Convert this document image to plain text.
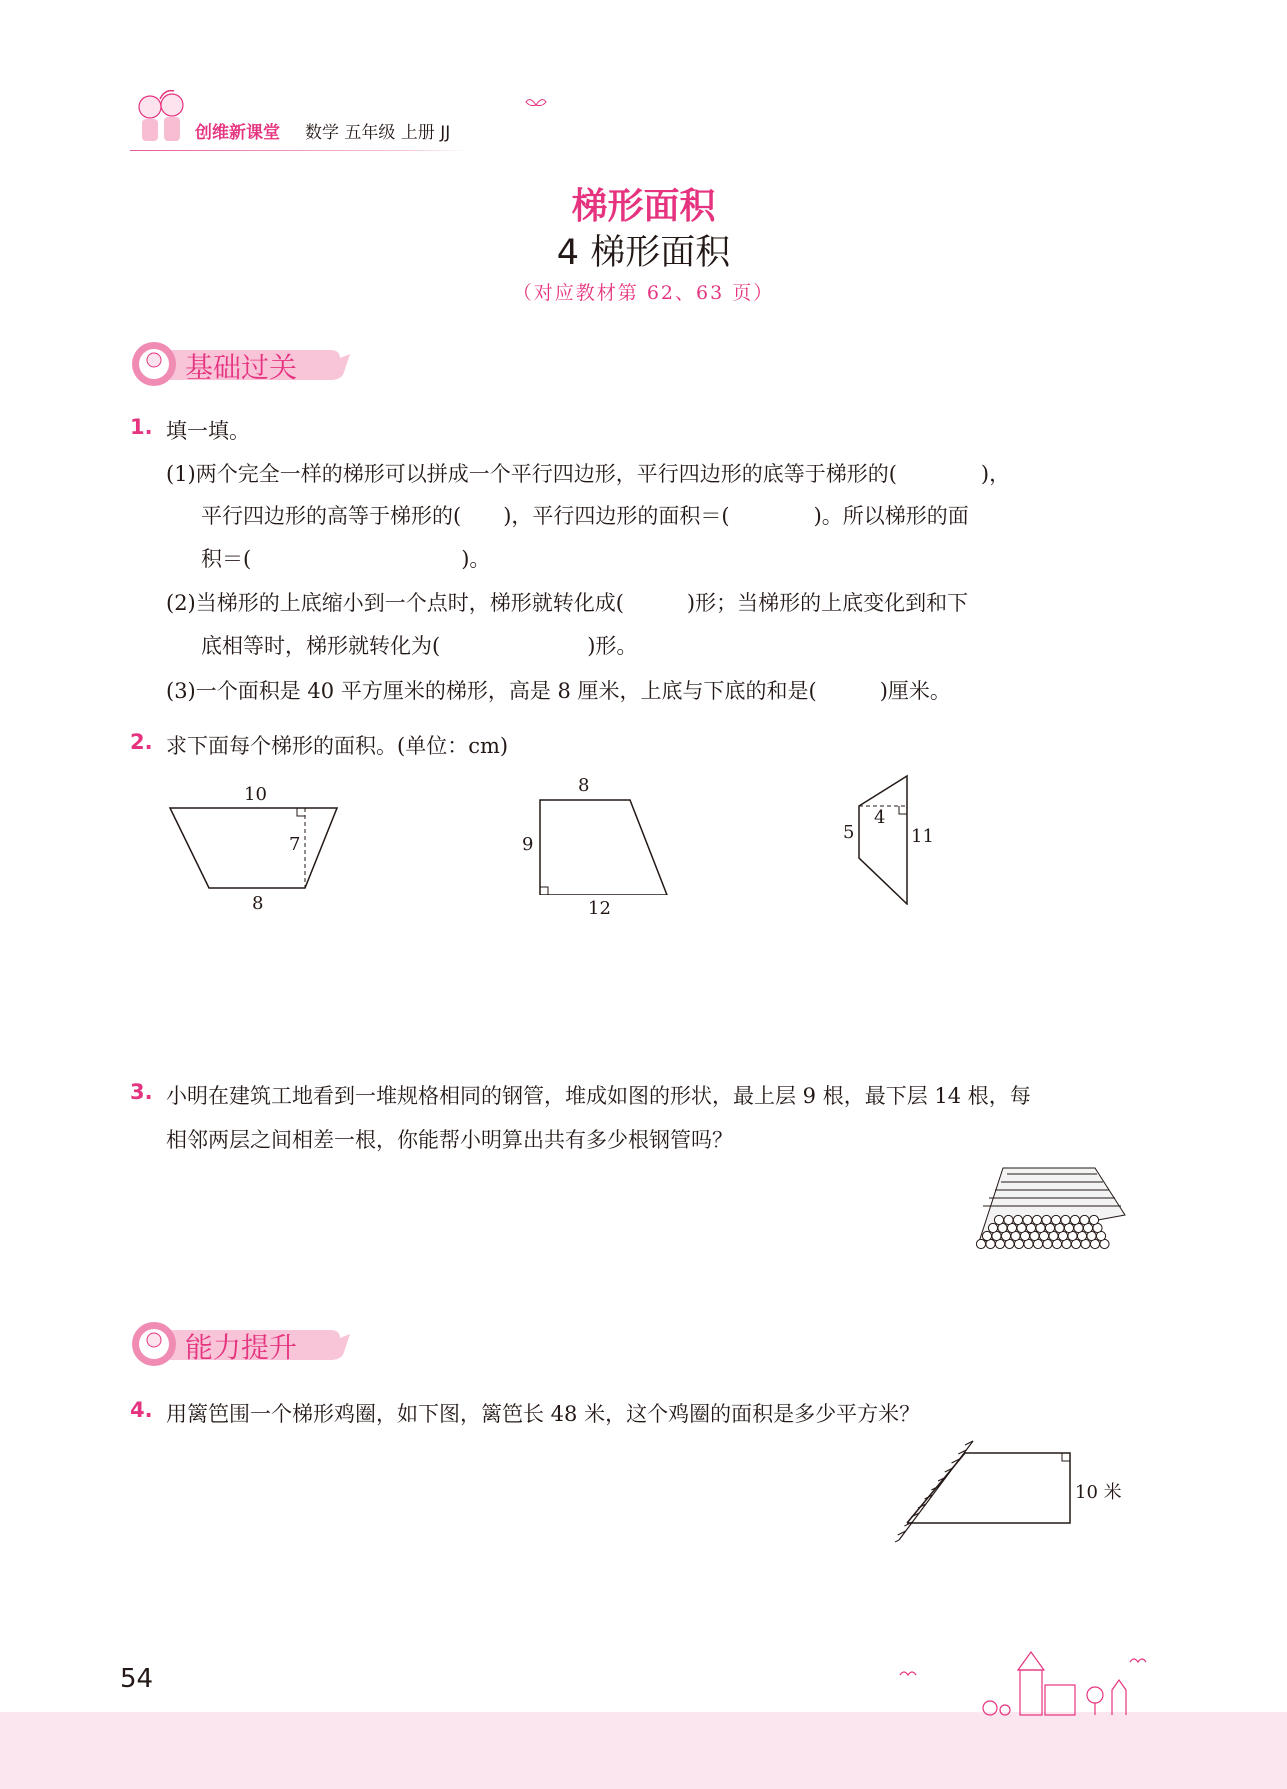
创维新课堂 数学 五年级 上册 JJ
梯形面积
4 梯形面积
（对应教材第 62、63 页）
基础过关
1. 填一填。
(1)两个完全一样的梯形可以拼成一个平行四边形，平行四边形的底等于梯形的(　　　　)，
平行四边形的高等于梯形的(　　)，平行四边形的面积＝(　　　　)。所以梯形的面
积＝(　　　　　　　　　　)。
(2)当梯形的上底缩小到一个点时，梯形就转化成(　　　)形；当梯形的上底变化到和下
底相等时，梯形就转化为(　　　　　　　)形。
(3)一个面积是 40 平方厘米的梯形，高是 8 厘米，上底与下底的和是(　　　)厘米。
2. 求下面每个梯形的面积。(单位：cm)
10
7
8
8
9
12
4
5	11
3. 小明在建筑工地看到一堆规格相同的钢管，堆成如图的形状，最上层 9 根，最下层 14 根，每
相邻两层之间相差一根，你能帮小明算出共有多少根钢管吗？
能力提升
4. 用篱笆围一个梯形鸡圈，如下图，篱笆长 48 米，这个鸡圈的面积是多少平方米？
10 米
54
